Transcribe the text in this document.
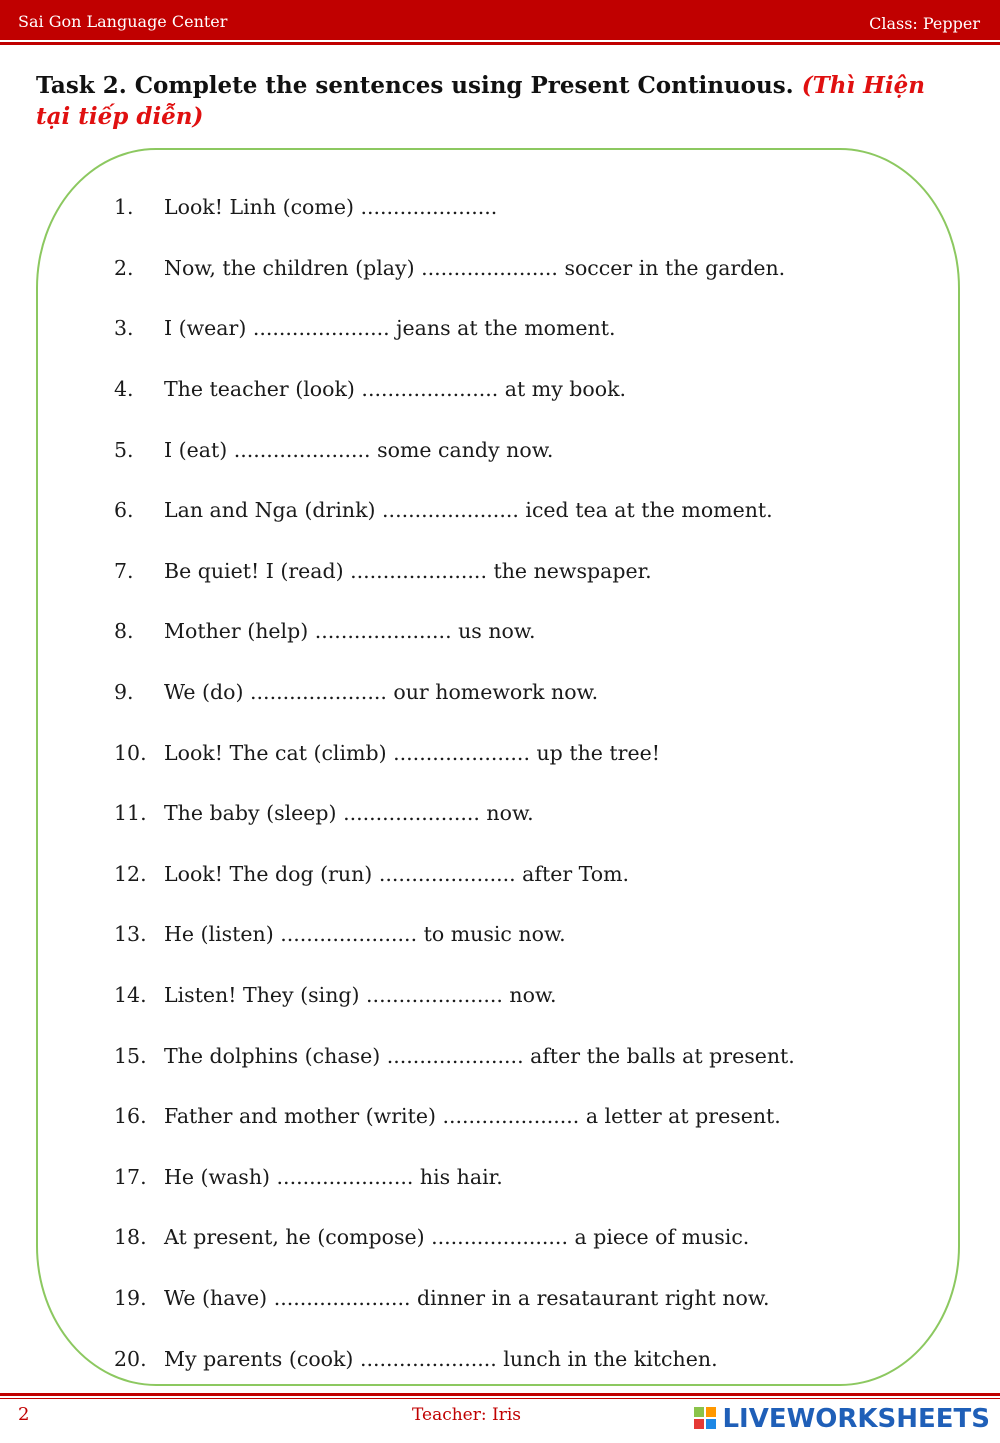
Sai Gon Language Center	Class: Pepper
Task 2. Complete the sentences using Present Continuous. (Thì Hiện tại tiếp diễn)
1.	Look! Linh (come) .....................
2.	Now, the children (play) ..................... soccer in the garden.
3.	I (wear) ..................... jeans at the moment.
4.	The teacher (look) ..................... at my book.
5.	I (eat) ..................... some candy now.
6.	Lan and Nga (drink) ..................... iced tea at the moment.
7.	Be quiet! I (read) ..................... the newspaper.
8.	Mother (help) ..................... us now.
9.	We (do) ..................... our homework now.
10. Look! The cat (climb) ..................... up the tree!
11. The baby (sleep) ..................... now.
12. Look! The dog (run) ..................... after Tom.
13. He (listen) ..................... to music now.
14. Listen! They (sing) ..................... now.
15. The dolphins (chase) ..................... after the balls at present.
16. Father and mother (write) ..................... a letter at present.
17. He (wash) ..................... his hair.
18. At present, he (compose) ..................... a piece of music.
19. We (have) ..................... dinner in a resataurant right now.
20. My parents (cook) ..................... lunch in the kitchen.
2	Teacher: Iris	LIVEWORKSHEETS
